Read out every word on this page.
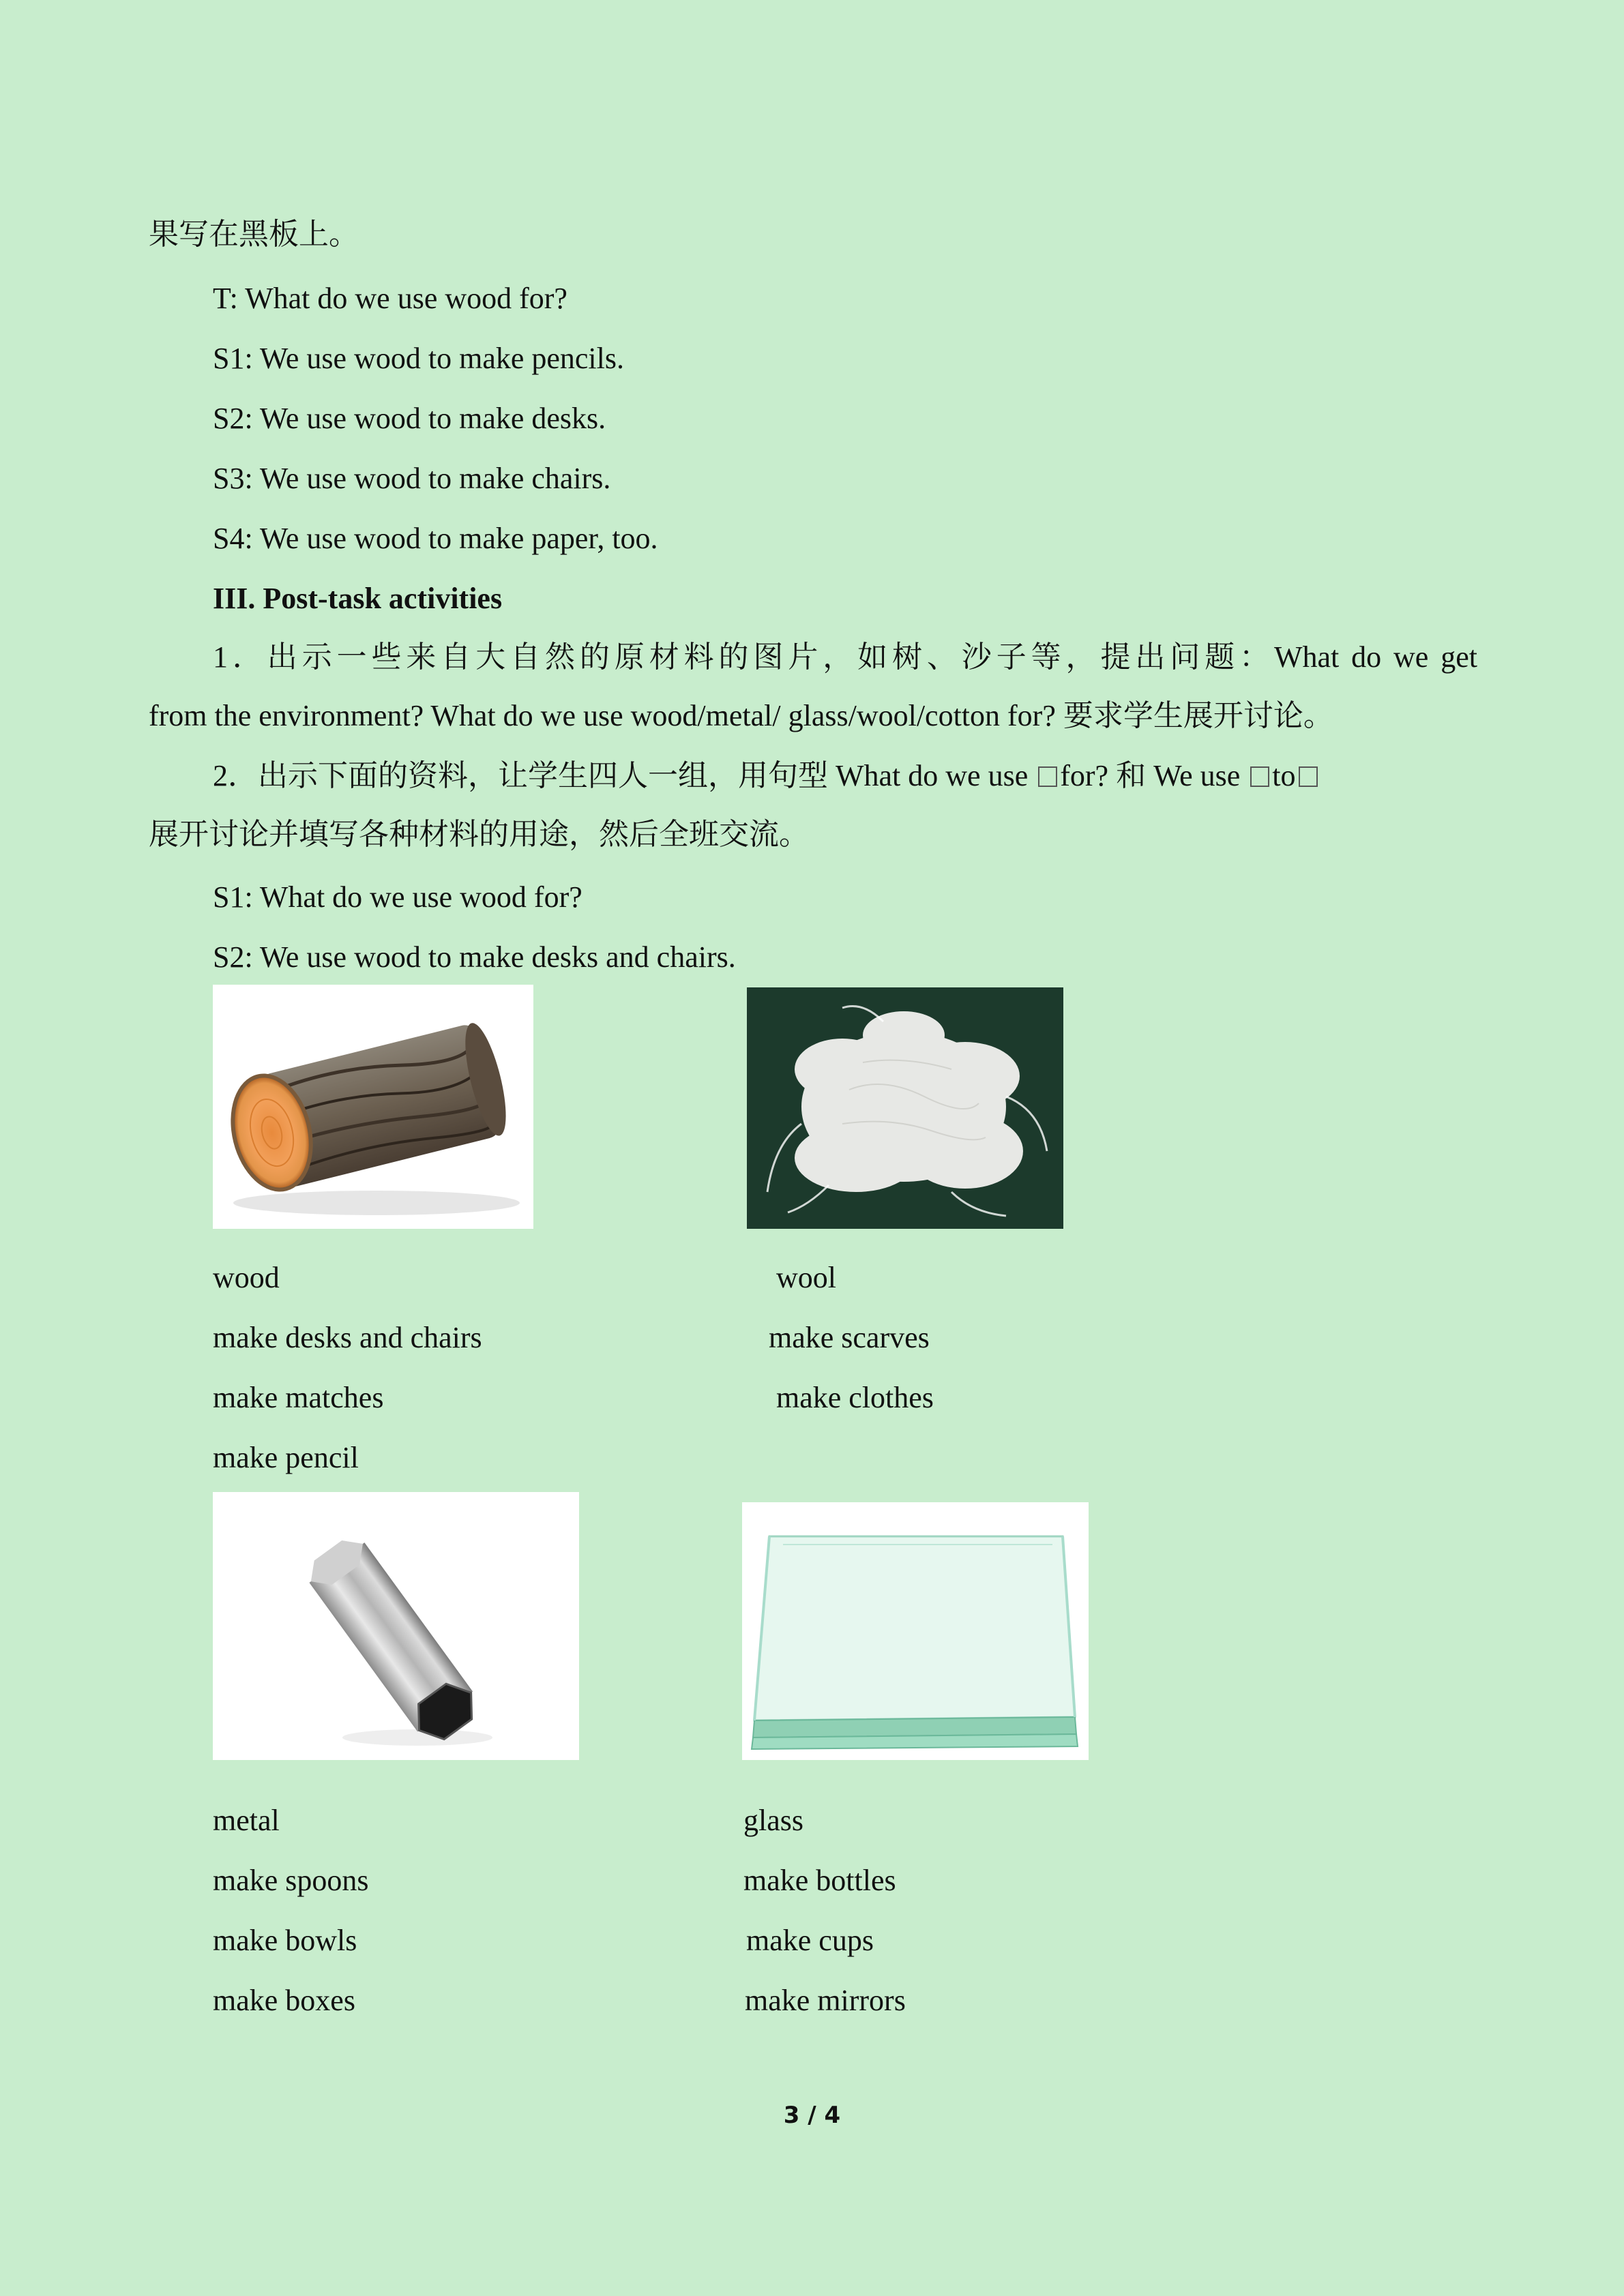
果写在黑板上。
T: What do we use wood for?
S1: We use wood to make pencils.
S2: We use wood to make desks.
S3: We use wood to make chairs.
S4: We use wood to make paper, too.
III. Post-task activities
1．出示一些来自大自然的原材料的图片，如树、沙子等，提出问题：What do we get
from the environment? What do we use wood/metal/ glass/wool/cotton for? 要求学生展开讨论。
2．出示下面的资料，让学生四人一组，用句型 What do we use for? 和 We use to
展开讨论并填写各种材料的用途，然后全班交流。
S1: What do we use wood for?
S2: We use wood to make desks and chairs.
wood
make desks and chairs
make matches
make pencil
wool
make scarves
make clothes
metal
make spoons
make bowls
make boxes
glass
make bottles
make cups
make mirrors
3 / 4
